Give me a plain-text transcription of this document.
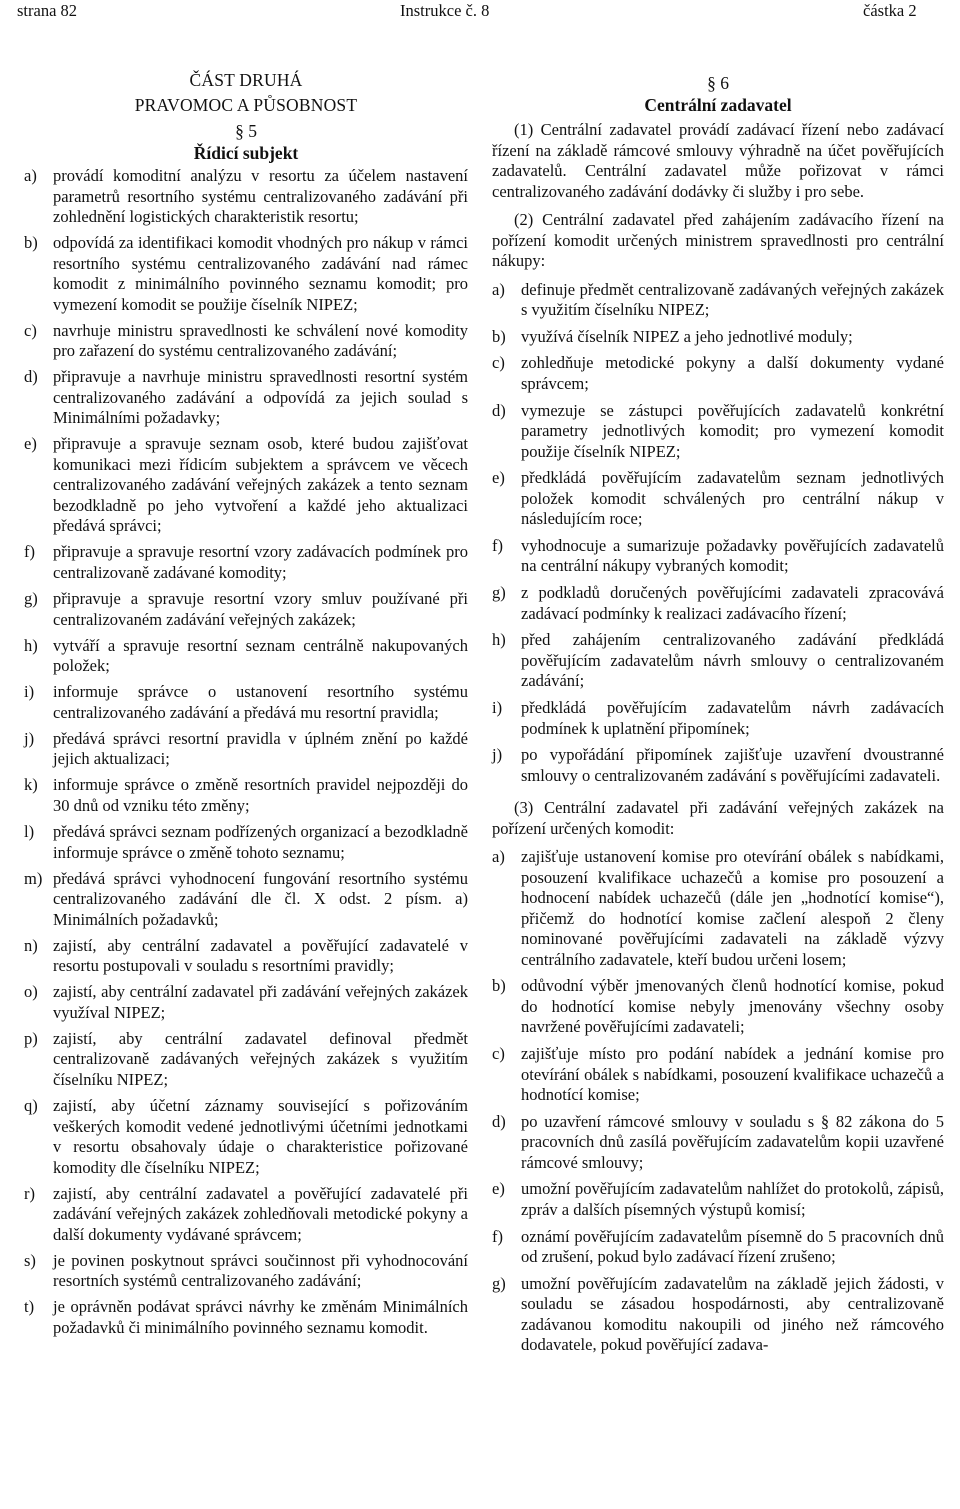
strana 82	Instrukce č. 8	částka 2
ČÁST DRUHÁ
PRAVOMOC A PŮSOBNOST
§ 5
Řídicí subjekt
a) provádí komoditní analýzu v resortu za účelem nastavení parametrů resortního systému centralizovaného zadávání při zohlednění logistických charakteristik resortu;
b) odpovídá za identifikaci komodit vhodných pro nákup v rámci resortního systému centralizovaného zadávání nad rámec komodit z minimálního povinného seznamu komodit; pro vymezení komodit se použije číselník NIPEZ;
c) navrhuje ministru spravedlnosti ke schválení nové komodity pro zařazení do systému centralizovaného zadávání;
d) připravuje a navrhuje ministru spravedlnosti resortní systém centralizovaného zadávání a odpovídá za jejich soulad s Minimálními požadavky;
e) připravuje a spravuje seznam osob, které budou zajišťovat komunikaci mezi řídicím subjektem a správcem ve věcech centralizovaného zadávání veřejných zakázek a tento seznam bezodkladně po jeho vytvoření a každé jeho aktualizaci předává správci;
f) připravuje a spravuje resortní vzory zadávacích podmínek pro centralizovaně zadávané komodity;
g) připravuje a spravuje resortní vzory smluv používané při centralizovaném zadávání veřejných zakázek;
h) vytváří a spravuje resortní seznam centrálně nakupovaných položek;
i) informuje správce o ustanovení resortního systému centralizovaného zadávání a předává mu resortní pravidla;
j) předává správci resortní pravidla v úplném znění po každé jejich aktualizaci;
k) informuje správce o změně resortních pravidel nejpozději do 30 dnů od vzniku této změny;
l) předává správci seznam podřízených organizací a bezodkladně informuje správce o změně tohoto seznamu;
m) předává správci vyhodnocení fungování resortního systému centralizovaného zadávání dle čl. X odst. 2 písm. a) Minimálních požadavků;
n) zajistí, aby centrální zadavatel a pověřující zadavatelé v resortu postupovali v souladu s resortními pravidly;
o) zajistí, aby centrální zadavatel při zadávání veřejných zakázek využíval NIPEZ;
p) zajistí, aby centrální zadavatel definoval předmět centralizovaně zadávaných veřejných zakázek s využitím číselníku NIPEZ;
q) zajistí, aby účetní záznamy související s pořizováním veškerých komodit vedené jednotlivými účetními jednotkami v resortu obsahovaly údaje o charakteristice pořizované komodity dle číselníku NIPEZ;
r) zajistí, aby centrální zadavatel a pověřující zadavatelé při zadávání veřejných zakázek zohledňovali metodické pokyny a další dokumenty vydávané správcem;
s) je povinen poskytnout správci součinnost při vyhodnocování resortních systémů centralizovaného zadávání;
t) je oprávněn podávat správci návrhy ke změnám Minimálních požadavků či minimálního povinného seznamu komodit.
§ 6
Centrální zadavatel
(1) Centrální zadavatel provádí zadávací řízení nebo zadávací řízení na základě rámcové smlouvy výhradně na účet pověřujících zadavatelů. Centrální zadavatel může pořizovat v rámci centralizovaného zadávání dodávky či služby i pro sebe.
(2) Centrální zadavatel před zahájením zadávacího řízení na pořízení komodit určených ministrem spravedlnosti pro centrální nákupy:
a) definuje předmět centralizovaně zadávaných veřejných zakázek s využitím číselníku NIPEZ;
b) využívá číselník NIPEZ a jeho jednotlivé moduly;
c) zohledňuje metodické pokyny a další dokumenty vydané správcem;
d) vymezuje se zástupci pověřujících zadavatelů konkrétní parametry jednotlivých komodit; pro vymezení komodit použije číselník NIPEZ;
e) předkládá pověřujícím zadavatelům seznam jednotlivých položek komodit schválených pro centrální nákup v následujícím roce;
f) vyhodnocuje a sumarizuje požadavky pověřujících zadavatelů na centrální nákupy vybraných komodit;
g) z podkladů doručených pověřujícími zadavateli zpracovává zadávací podmínky k realizaci zadávacího řízení;
h) před zahájením centralizovaného zadávání předkládá pověřujícím zadavatelům návrh smlouvy o centralizovaném zadávání;
i) předkládá pověřujícím zadavatelům návrh zadávacích podmínek k uplatnění připomínek;
j) po vypořádání připomínek zajišťuje uzavření dvoustranné smlouvy o centralizovaném zadávání s pověřujícími zadavateli.
(3) Centrální zadavatel při zadávání veřejných zakázek na pořízení určených komodit:
a) zajišťuje ustanovení komise pro otevírání obálek s nabídkami, posouzení kvalifikace uchazečů a komise pro posouzení a hodnocení nabídek uchazečů (dále jen „hodnotící komise“), přičemž do hodnotící komise začlení alespoň 2 členy nominované pověřujícími zadavateli na základě výzvy centrálního zadavatele, kteří budou určeni losem;
b) odůvodní výběr jmenovaných členů hodnotící komise, pokud do hodnotící komise nebyly jmenovány všechny osoby navržené pověřujícími zadavateli;
c) zajišťuje místo pro podání nabídek a jednání komise pro otevírání obálek s nabídkami, posouzení kvalifikace uchazečů a hodnotící komise;
d) po uzavření rámcové smlouvy v souladu s § 82 zákona do 5 pracovních dnů zasílá pověřujícím zadavatelům kopii uzavřené rámcové smlouvy;
e) umožní pověřujícím zadavatelům nahlížet do protokolů, zápisů, zpráv a dalších písemných výstupů komisí;
f) oznámí pověřujícím zadavatelům písemně do 5 pracovních dnů od zrušení, pokud bylo zadávací řízení zrušeno;
g) umožní pověřujícím zadavatelům na základě jejich žádosti, v souladu se zásadou hospodárnosti, aby centralizovaně zadávanou komoditu nakoupili od jiného než rámcového dodavatele, pokud pověřující zadava-
